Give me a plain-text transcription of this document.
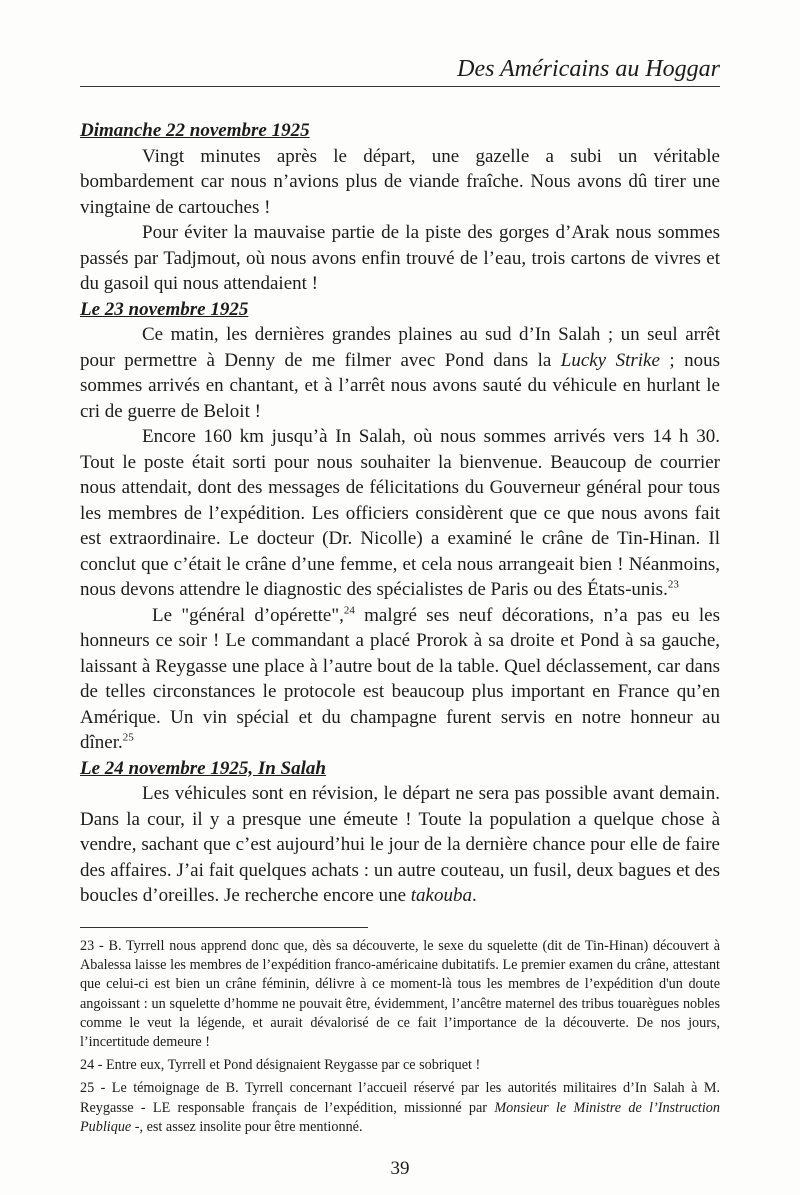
Des Américains au Hoggar

Dimanche 22 novembre 1925

Vingt minutes après le départ, une gazelle a subi un véritable bombardement car nous n’avions plus de viande fraîche. Nous avons dû tirer une vingtaine de cartouches !

Pour éviter la mauvaise partie de la piste des gorges d’Arak nous sommes passés par Tadjmout, où nous avons enfin trouvé de l’eau, trois cartons de vivres et du gasoil qui nous attendaient !

Le 23 novembre 1925

Ce matin, les dernières grandes plaines au sud d’In Salah ; un seul arrêt pour permettre à Denny de me filmer avec Pond dans la Lucky Strike ; nous sommes arrivés en chantant, et à l’arrêt nous avons sauté du véhicule en hurlant le cri de guerre de Beloit !

Encore 160 km jusqu’à In Salah, où nous sommes arrivés vers 14 h 30. Tout le poste était sorti pour nous souhaiter la bienvenue. Beaucoup de courrier nous attendait, dont des messages de félicitations du Gouverneur général pour tous les membres de l’expédition. Les officiers considèrent que ce que nous avons fait est extraordinaire. Le docteur (Dr. Nicolle) a examiné le crâne de Tin-Hinan. Il conclut que c’était le crâne d’une femme, et cela nous arrangeait bien ! Néanmoins, nous devons attendre le diagnostic des spécialistes de Paris ou des États-unis.$^{23}$

Le "général d’opérette",$^{24}$ malgré ses neuf décorations, n’a pas eu les honneurs ce soir ! Le commandant a placé Prorok à sa droite et Pond à sa gauche, laissant à Reygasse une place à l’autre bout de la table. Quel déclassement, car dans de telles circonstances le protocole est beaucoup plus important en France qu’en Amérique. Un vin spécial et du champagne furent servis en notre honneur au dîner.$^{25}$

Le 24 novembre 1925, In Salah

Les véhicules sont en révision, le départ ne sera pas possible avant demain. Dans la cour, il y a presque une émeute ! Toute la population a quelque chose à vendre, sachant que c’est aujourd’hui le jour de la dernière chance pour elle de faire des affaires. J’ai fait quelques achats : un autre couteau, un fusil, deux bagues et des boucles d’oreilles. Je recherche encore une takouba.

23 - B. Tyrrell nous apprend donc que, dès sa découverte, le sexe du squelette (dit de Tin-Hinan) découvert à Abalessa laisse les membres de l’expédition franco-américaine dubitatifs. Le premier examen du crâne, attestant que celui-ci est bien un crâne féminin, délivre à ce moment-là tous les membres de l’expédition d'un doute angoissant : un squelette d’homme ne pouvait être, évidemment, l’ancêtre maternel des tribus touarègues nobles comme le veut la légende, et aurait dévalorisé de ce fait l’importance de la découverte. De nos jours, l’incertitude demeure !

24 - Entre eux, Tyrrell et Pond désignaient Reygasse par ce sobriquet !

25 - Le témoignage de B. Tyrrell concernant l’accueil réservé par les autorités militaires d’In Salah à M. Reygasse - LE responsable français de l’expédition, missionné par Monsieur le Ministre de l’Instruction Publique -, est assez insolite pour être mentionné.

39
